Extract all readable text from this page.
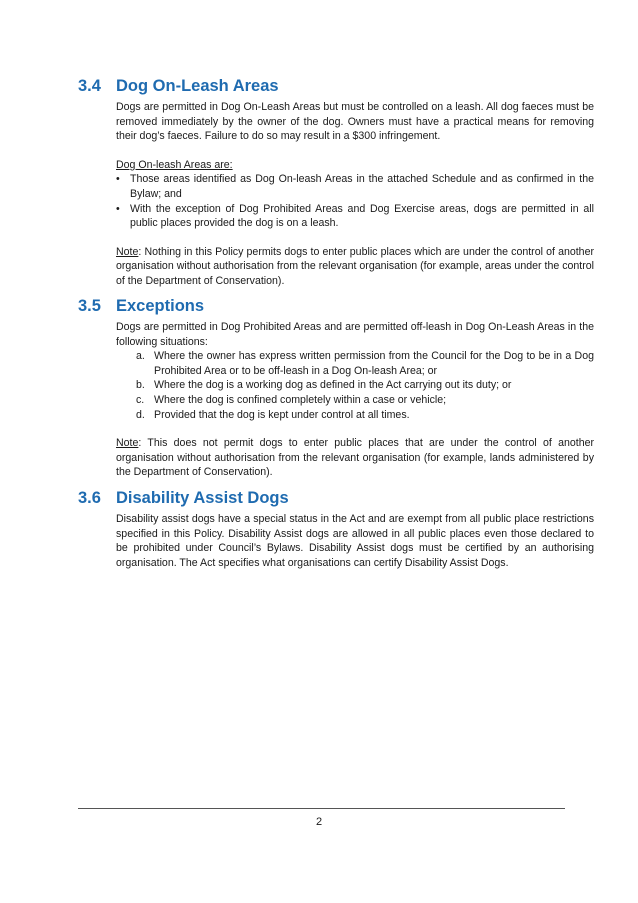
3.4 Dog On-Leash Areas

Dogs are permitted in Dog On-Leash Areas but must be controlled on a leash. All dog faeces must be removed immediately by the owner of the dog. Owners must have a practical means for removing their dog’s faeces. Failure to do so may result in a $300 infringement.

Dog On-leash Areas are:

• Those areas identified as Dog On-leash Areas in the attached Schedule and as confirmed in the Bylaw; and
• With the exception of Dog Prohibited Areas and Dog Exercise areas, dogs are permitted in all public places provided the dog is on a leash.

Note: Nothing in this Policy permits dogs to enter public places which are under the control of another organisation without authorisation from the relevant organisation (for example, areas under the control of the Department of Conservation).

3.5 Exceptions

Dogs are permitted in Dog Prohibited Areas and are permitted off-leash in Dog On-Leash Areas in the following situations:

a. Where the owner has express written permission from the Council for the Dog to be in a Dog Prohibited Area or to be off-leash in a Dog On-leash Area; or
b. Where the dog is a working dog as defined in the Act carrying out its duty; or
c. Where the dog is confined completely within a case or vehicle;
d. Provided that the dog is kept under control at all times.

Note: This does not permit dogs to enter public places that are under the control of another organisation without authorisation from the relevant organisation (for example, lands administered by the Department of Conservation).

3.6 Disability Assist Dogs

Disability assist dogs have a special status in the Act and are exempt from all public place restrictions specified in this Policy. Disability Assist dogs are allowed in all public places even those declared to be prohibited under Council’s Bylaws. Disability Assist dogs must be certified by an authorising organisation. The Act specifies what organisations can certify Disability Assist Dogs.

2
